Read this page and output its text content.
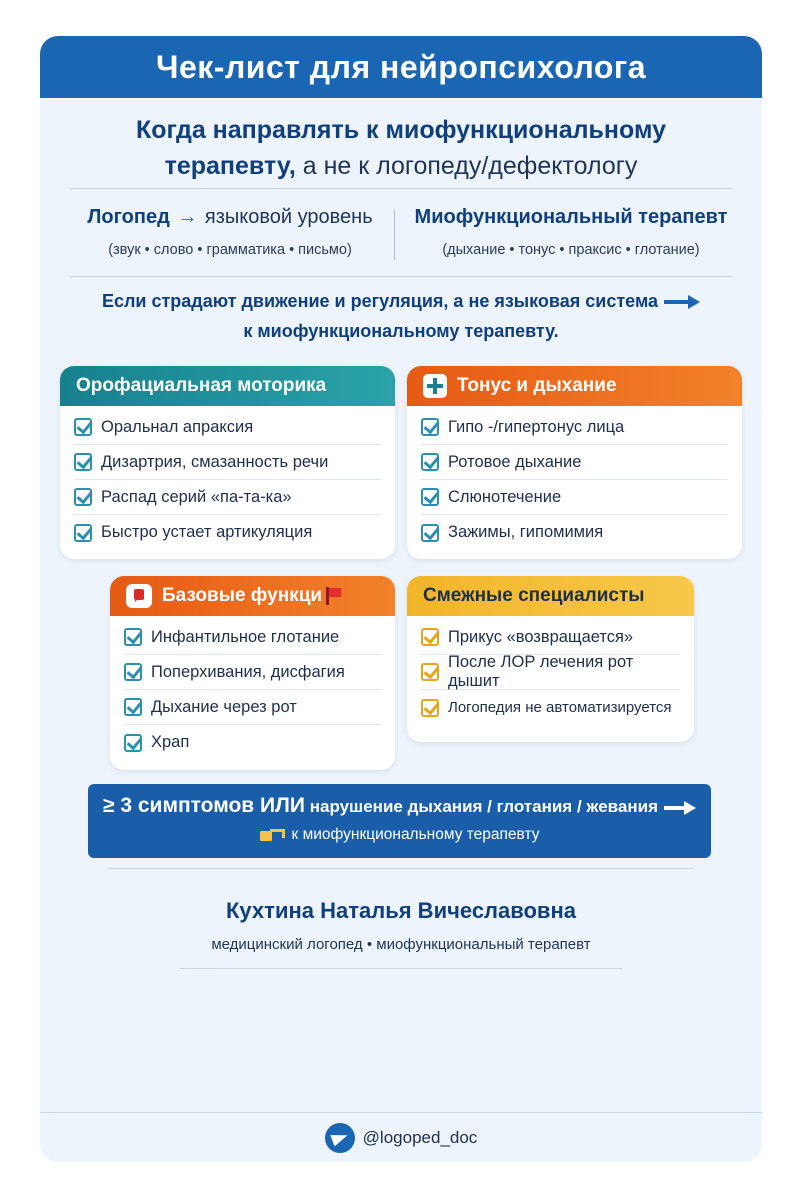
Чек-лист для нейропсихолога
Когда направлять к миофункциональному
терапевту, а не к логопеду/дефектологу
Логопед → языковой уровень
(звук • слово • грамматика • письмо)
Миофункциональный терапевт
(дыхание • тонус • праксис • глотание)
Если страдают движение и регуляция, а не языковая система
к миофункциональному терапевту.
Орофациальная моторика
Оральнал апраксия
Дизартрия, смазанность речи
Распад серий «па-та-ка»
Быстро устает артикуляция
Тонус и дыхание
Гипо -/гипертонус лица
Ротовое дыхание
Слюнотечение
Зажимы, гипомимия
Базовые функци
Инфантильное глотание
Поперхивания, дисфагия
Дыхание через рот
Храп
Смежные специалисты
Прикус «возвращается»
После ЛОР лечения рот дышит
Логопедия не автоматизируется
≥ 3 симптомов ИЛИ нарушение дыхания / глотания / жевания
к миофункциональному терапевту
Кухтина Наталья Вичеславовна
медицинский логопед • миофункциональный терапевт
@logoped_doc
